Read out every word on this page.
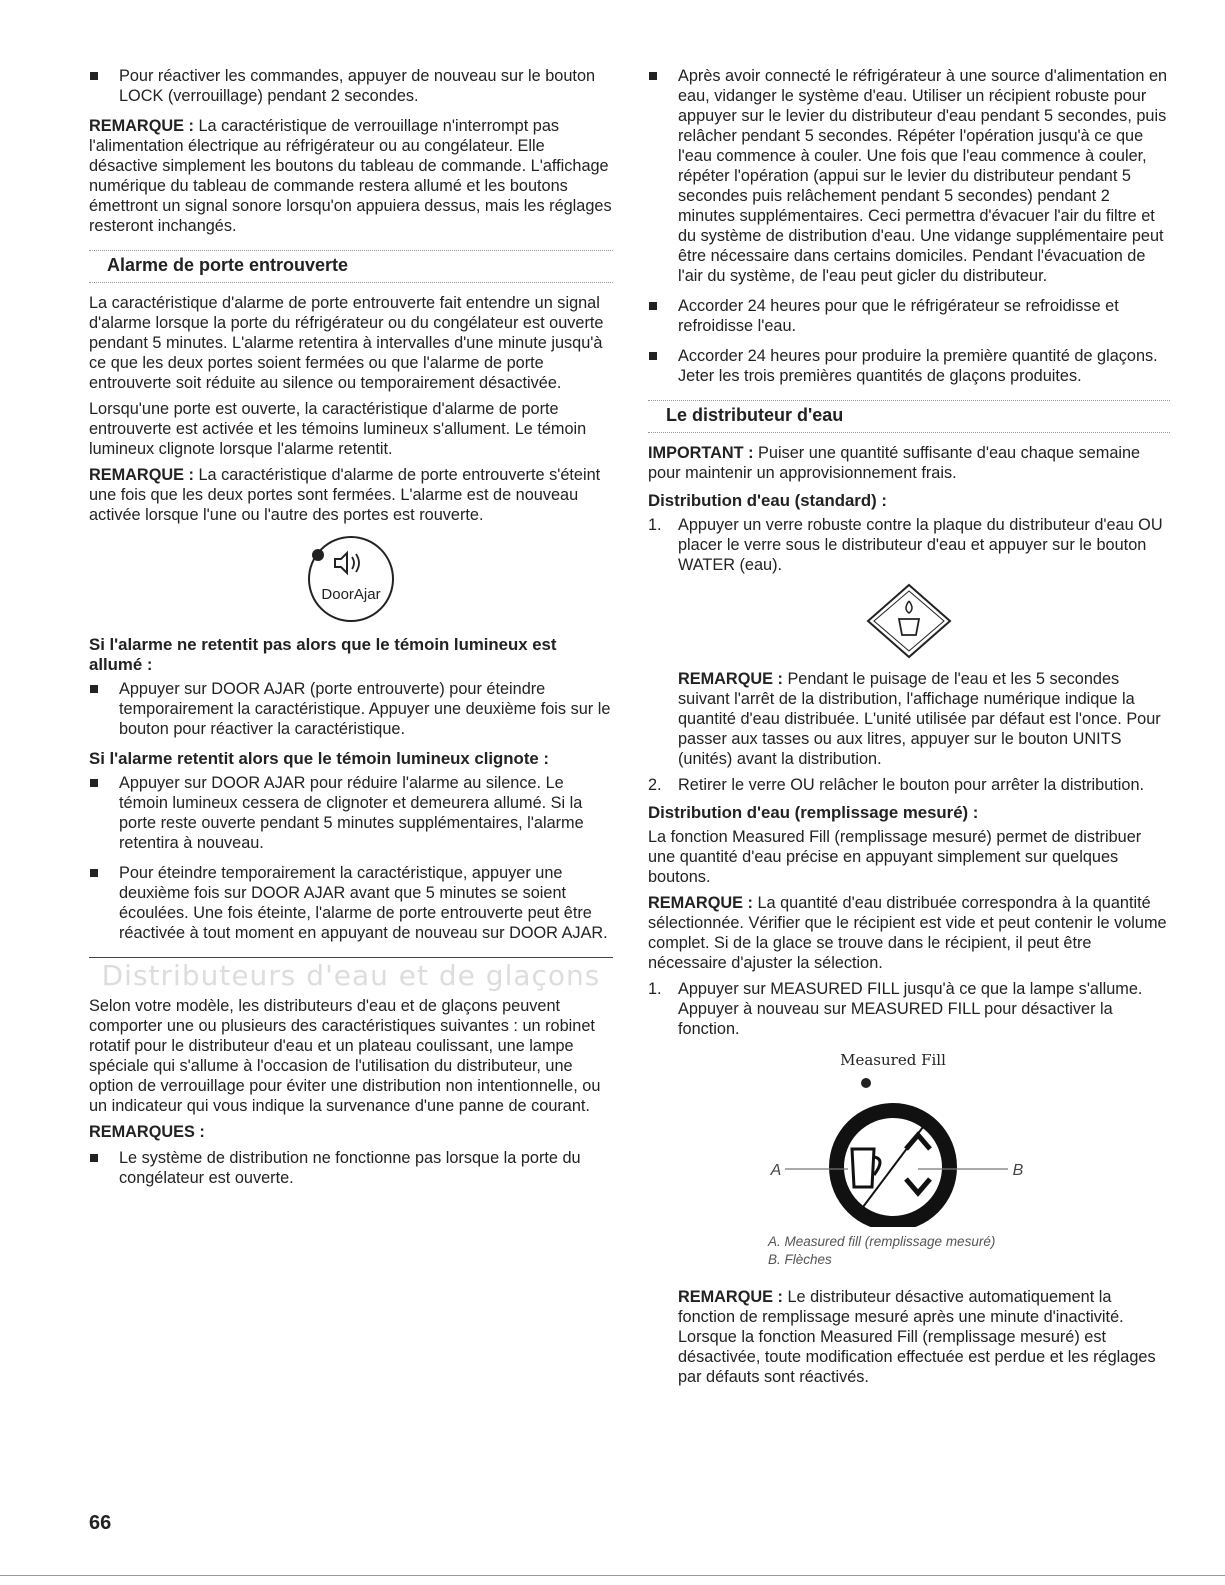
Pour réactiver les commandes, appuyer de nouveau sur le bouton LOCK (verrouillage) pendant 2 secondes.

REMARQUE : La caractéristique de verrouillage n'interrompt pas l'alimentation électrique au réfrigérateur ou au congélateur. Elle désactive simplement les boutons du tableau de commande. L'affichage numérique du tableau de commande restera allumé et les boutons émettront un signal sonore lorsqu'on appuiera dessus, mais les réglages resteront inchangés.

Alarme de porte entrouverte

La caractéristique d'alarme de porte entrouverte fait entendre un signal d'alarme lorsque la porte du réfrigérateur ou du congélateur est ouverte pendant 5 minutes. L'alarme retentira à intervalles d'une minute jusqu'à ce que les deux portes soient fermées ou que l'alarme de porte entrouverte soit réduite au silence ou temporairement désactivée.

Lorsqu'une porte est ouverte, la caractéristique d'alarme de porte entrouverte est activée et les témoins lumineux s'allument. Le témoin lumineux clignote lorsque l'alarme retentit.

REMARQUE : La caractéristique d'alarme de porte entrouverte s'éteint une fois que les deux portes sont fermées. L'alarme est de nouveau activée lorsque l'une ou l'autre des portes est rouverte.

DoorAjar
Si l'alarme ne retentit pas alors que le témoin lumineux est allumé :
Appuyer sur DOOR AJAR (porte entrouverte) pour éteindre temporairement la caractéristique. Appuyer une deuxième fois sur le bouton pour réactiver la caractéristique.
Si l'alarme retentit alors que le témoin lumineux clignote :
Appuyer sur DOOR AJAR pour réduire l'alarme au silence. Le témoin lumineux cessera de clignoter et demeurera allumé. Si la porte reste ouverte pendant 5 minutes supplémentaires, l'alarme retentira à nouveau.
Pour éteindre temporairement la caractéristique, appuyer une deuxième fois sur DOOR AJAR avant que 5 minutes se soient écoulées. Une fois éteinte, l'alarme de porte entrouverte peut être réactivée à tout moment en appuyant de nouveau sur DOOR AJAR.
Distributeurs d'eau et de glaçons

Selon votre modèle, les distributeurs d'eau et de glaçons peuvent comporter une ou plusieurs des caractéristiques suivantes : un robinet rotatif pour le distributeur d'eau et un plateau coulissant, une lampe spéciale qui s'allume à l'occasion de l'utilisation du distributeur, une option de verrouillage pour éviter une distribution non intentionnelle, ou un indicateur qui vous indique la survenance d'une panne de courant.

REMARQUES :

Le système de distribution ne fonctionne pas lorsque la porte du congélateur est ouverte.
Après avoir connecté le réfrigérateur à une source d'alimentation en eau, vidanger le système d'eau. Utiliser un récipient robuste pour appuyer sur le levier du distributeur d'eau pendant 5 secondes, puis relâcher pendant 5 secondes. Répéter l'opération jusqu'à ce que l'eau commence à couler. Une fois que l'eau commence à couler, répéter l'opération (appui sur le levier du distributeur pendant 5 secondes puis relâchement pendant 5 secondes) pendant 2 minutes supplémentaires. Ceci permettra d'évacuer l'air du filtre et du système de distribution d'eau. Une vidange supplémentaire peut être nécessaire dans certains domiciles. Pendant l'évacuation de l'air du système, de l'eau peut gicler du distributeur.
Accorder 24 heures pour que le réfrigérateur se refroidisse et refroidisse l'eau.
Accorder 24 heures pour produire la première quantité de glaçons. Jeter les trois premières quantités de glaçons produites.
Le distributeur d'eau

IMPORTANT : Puiser une quantité suffisante d'eau chaque semaine pour maintenir un approvisionnement frais.

Distribution d'eau (standard) :
1. Appuyer un verre robuste contre la plaque du distributeur d'eau OU placer le verre sous le distributeur d'eau et appuyer sur le bouton WATER (eau).

REMARQUE : Pendant le puisage de l'eau et les 5 secondes suivant l'arrêt de la distribution, l'affichage numérique indique la quantité d'eau distribuée. L'unité utilisée par défaut est l'once. Pour passer aux tasses ou aux litres, appuyer sur le bouton UNITS (unités) avant la distribution.

2. Retirer le verre OU relâcher le bouton pour arrêter la distribution.
Distribution d'eau (remplissage mesuré) :

La fonction Measured Fill (remplissage mesuré) permet de distribuer une quantité d'eau précise en appuyant simplement sur quelques boutons.

REMARQUE : La quantité d'eau distribuée correspondra à la quantité sélectionnée. Vérifier que le récipient est vide et peut contenir le volume complet. Si de la glace se trouve dans le récipient, il peut être nécessaire d'ajuster la sélection.

1. Appuyer sur MEASURED FILL jusqu'à ce que la lampe s'allume. Appuyer à nouveau sur MEASURED FILL pour désactiver la fonction.
Measured Fill
A	B
A. Measured fill (remplissage mesuré)
B. Flèches

REMARQUE : Le distributeur désactive automatiquement la fonction de remplissage mesuré après une minute d'inactivité. Lorsque la fonction Measured Fill (remplissage mesuré) est désactivée, toute modification effectuée est perdue et les réglages par défauts sont réactivés.

66
